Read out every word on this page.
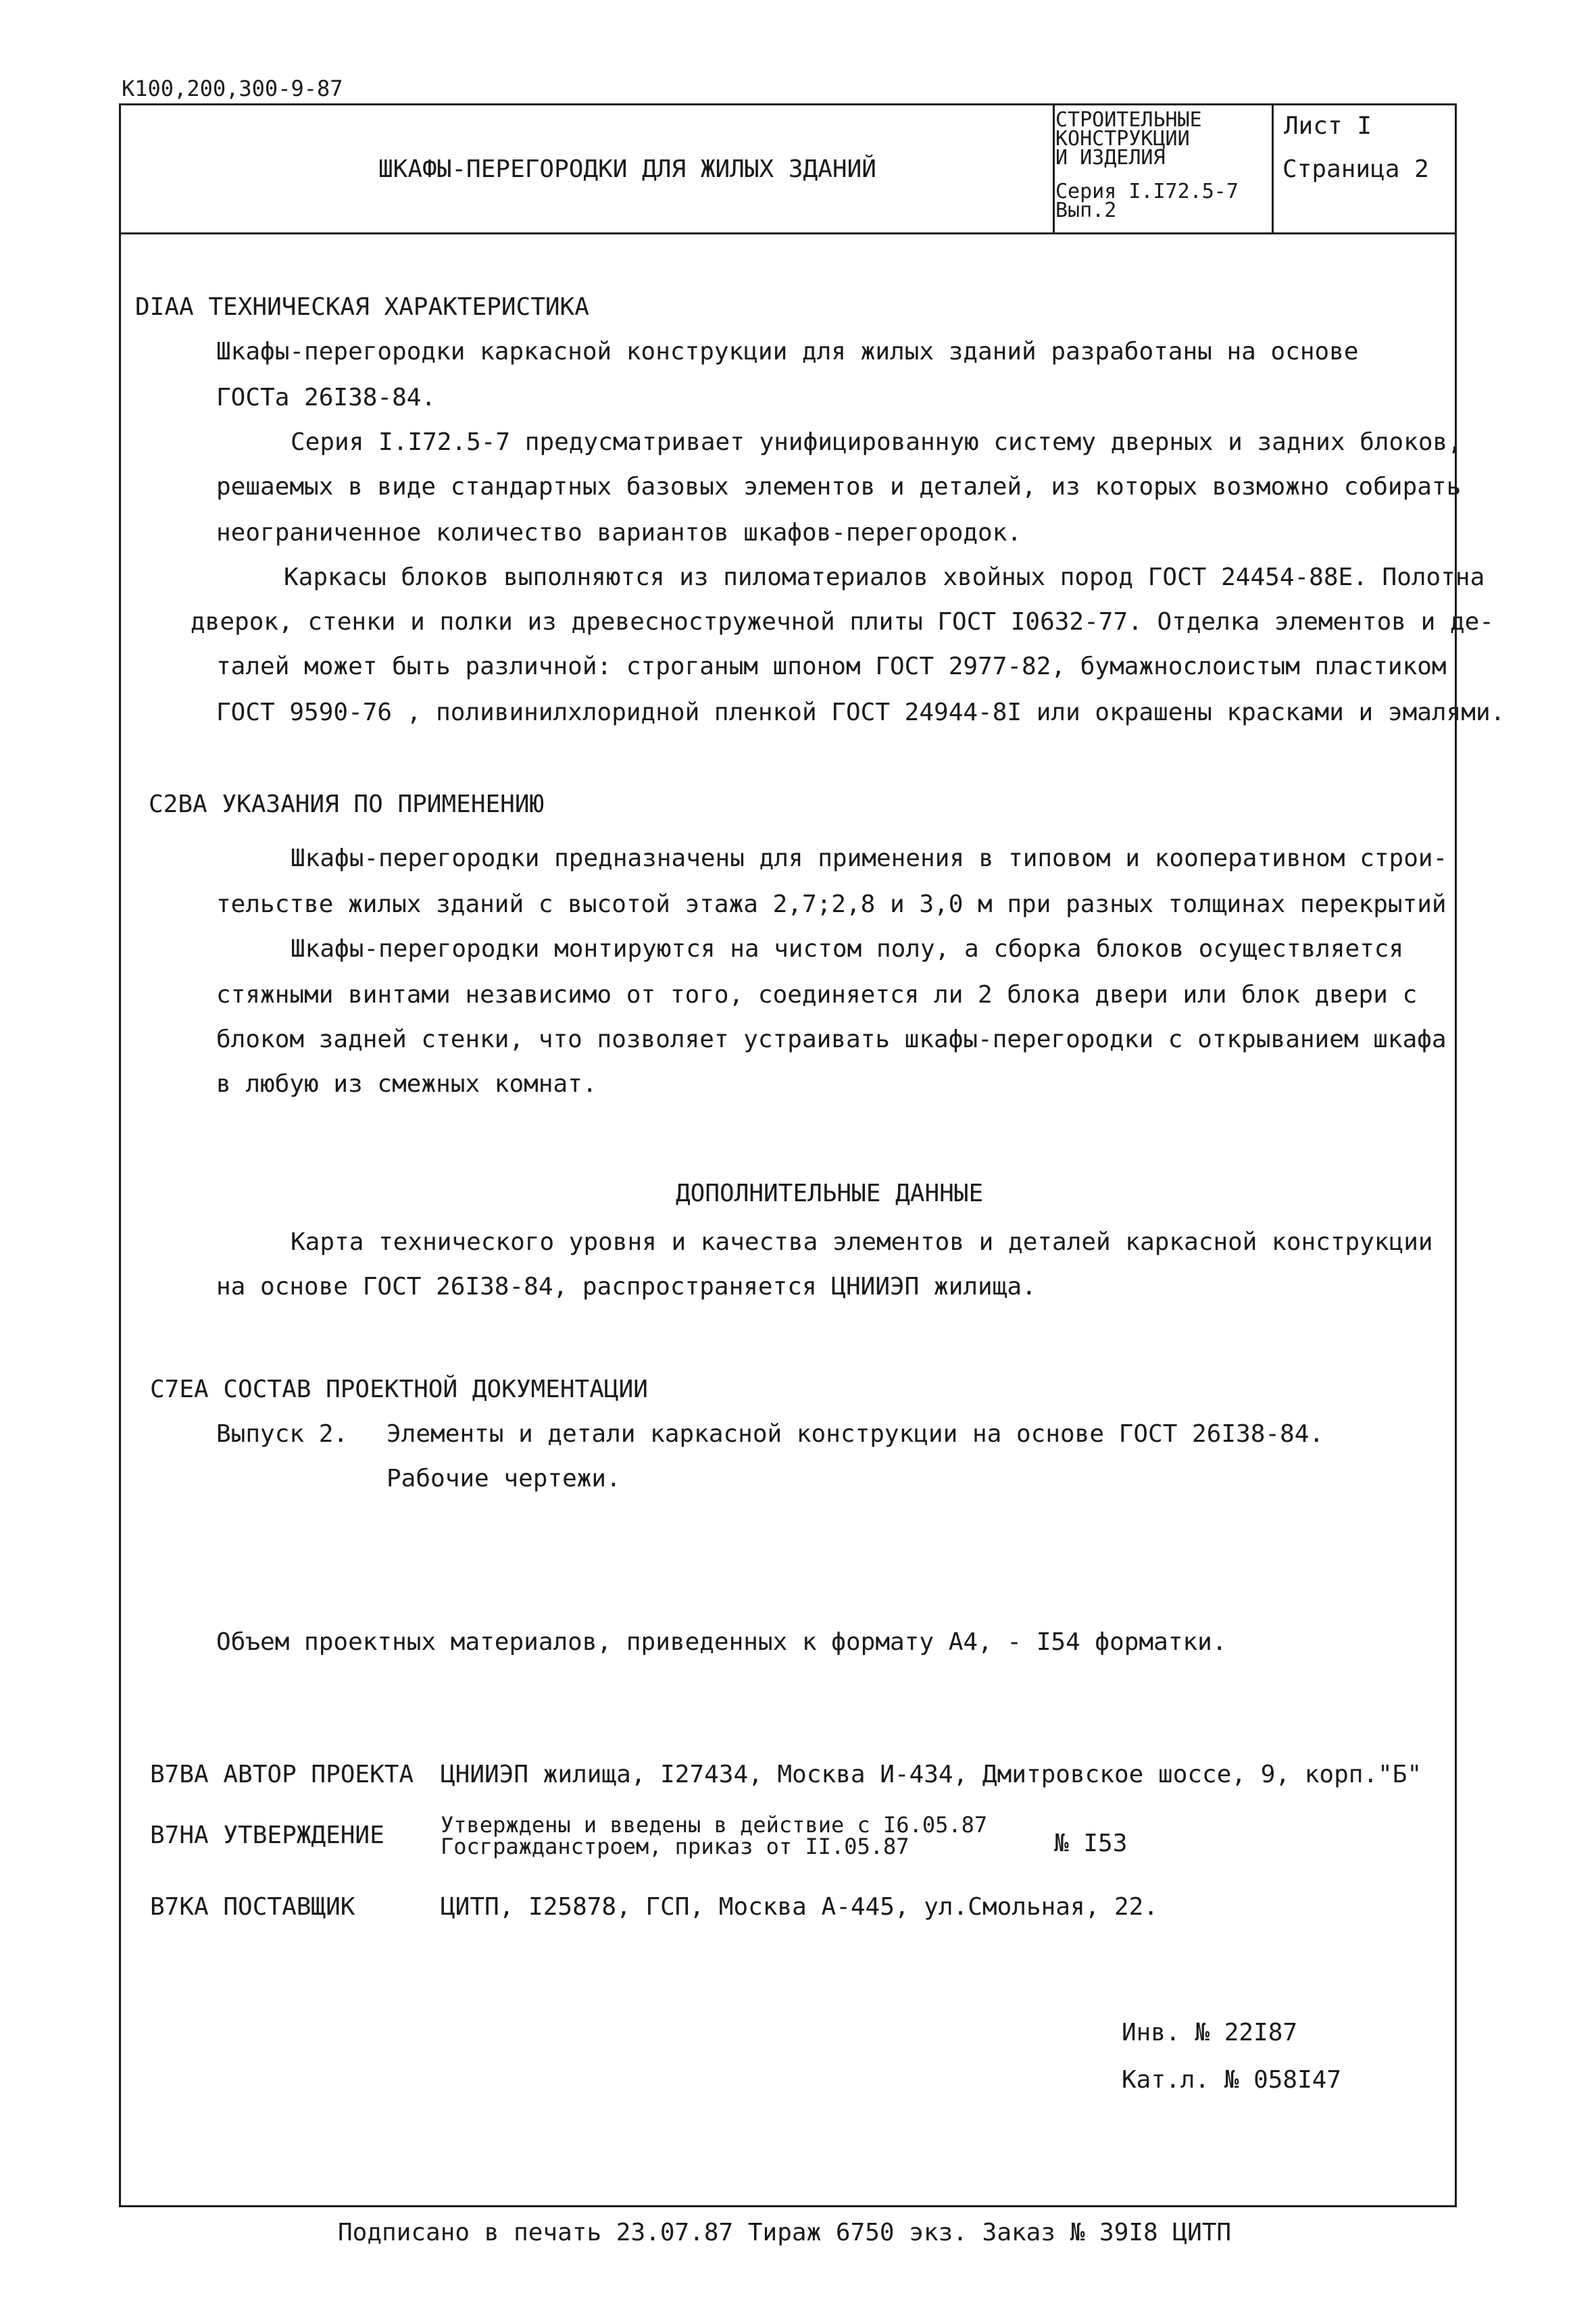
К100,200,300-9-87
ШКАФЫ-ПЕРЕГОРОДКИ ДЛЯ ЖИЛЫХ ЗДАНИЙ
СТРОИТЕЛЬНЫЕ
КОНСТРУКЦИИ
И ИЗДЕЛИЯ
Серия I.I72.5-7
Вып.2
Лист I
Страница 2
DIAA ТЕХНИЧЕСКАЯ ХАРАКТЕРИСТИКА
Шкафы-перегородки каркасной конструкции для жилых зданий разработаны на основе
ГОСТа 26I38-84.
Серия I.I72.5-7 предусматривает унифицированную систему дверных и задних блоков,
решаемых в виде стандартных базовых элементов и деталей, из которых возможно собирать
неограниченное количество вариантов шкафов-перегородок.
Каркасы блоков выполняются из пиломатериалов хвойных пород ГОСТ 24454-88Е. Полотна
дверок, стенки и полки из древесностружечной плиты ГОСТ I0632-77. Отделка элементов и де-
талей может быть различной: строганым шпоном ГОСТ 2977-82, бумажнослоистым пластиком
ГОСТ 9590-76 , поливинилхлоридной пленкой ГОСТ 24944-8I или окрашены красками и эмалями.
C2BA УКАЗАНИЯ ПО ПРИМЕНЕНИЮ
Шкафы-перегородки предназначены для применения в типовом и кооперативном строи-
тельстве жилых зданий с высотой этажа 2,7;2,8 и 3,0 м при разных толщинах перекрытий
Шкафы-перегородки монтируются на чистом полу, а сборка блоков осуществляется
стяжными винтами независимо от того, соединяется ли 2 блока двери или блок двери с
блоком задней стенки, что позволяет устраивать шкафы-перегородки с открыванием шкафа
в любую из смежных комнат.
ДОПОЛНИТЕЛЬНЫЕ ДАННЫЕ
Карта технического уровня и качества элементов и деталей каркасной конструкции
на основе ГОСТ 26I38-84, распространяется ЦНИИЭП жилища.
C7EA СОСТАВ ПРОЕКТНОЙ ДОКУМЕНТАЦИИ
Выпуск 2. Элементы и детали каркасной конструкции на основе ГОСТ 26I38-84.
Рабочие чертежи.
Объем проектных материалов, приведенных к формату А4, - I54 форматки.
B7BA АВТОР ПРОЕКТА ЦНИИЭП жилища, I27434, Москва И-434, Дмитровское шоссе, 9, корп."Б"
B7HA УТВЕРЖДЕНИЕ	Утверждены и введены в действие с I6.05.87
Госгражданстроем, приказ от II.05.87	№ I53
B7KA ПОСТАВЩИК	ЦИТП, I25878, ГСП, Москва А-445, ул.Смольная, 22.
Инв. № 22I87
Кат.л. № 058I47
Подписано в печать 23.07.87 Тираж 6750 экз. Заказ № 39I8 ЦИТП
